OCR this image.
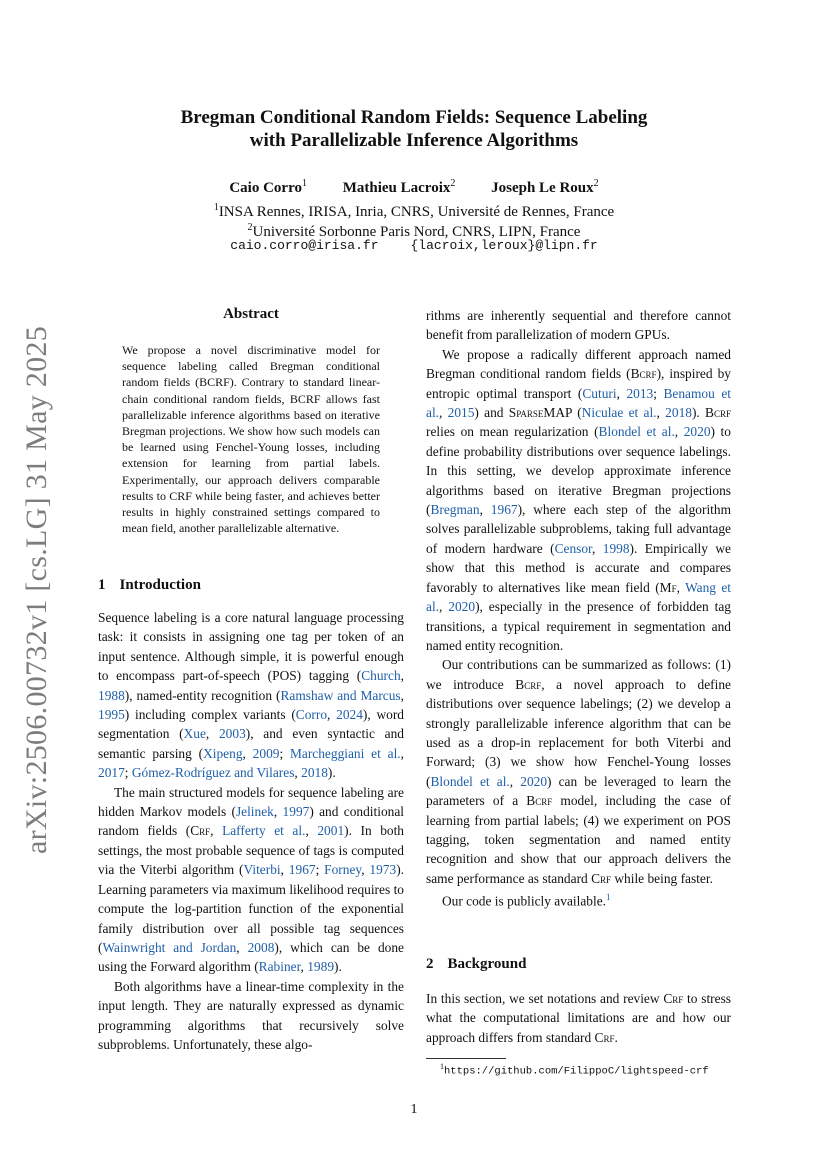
arXiv:2506.00732v1 [cs.LG] 31 May 2025
Bregman Conditional Random Fields: Sequence Labeling
with Parallelizable Inference Algorithms
Caio Corro$^1$ Mathieu Lacroix$^2$ Joseph Le Roux$^2$
$^1$INSA Rennes, IRISA, Inria, CNRS, Université de Rennes, France
$^2$Université Sorbonne Paris Nord, CNRS, LIPN, France
caio.corro@irisa.fr {lacroix,leroux}@lipn.fr
Abstract

We propose a novel discriminative model for sequence labeling called Bregman conditional random fields (BCRF). Contrary to standard linear-chain conditional random fields, BCRF allows fast parallelizable inference algorithms based on iterative Bregman projections. We show how such models can be learned using Fenchel-Young losses, including extension for learning from partial labels. Experimentally, our approach delivers comparable results to CRF while being faster, and achieves better results in highly constrained settings compared to mean field, another parallelizable alternative.

1 Introduction

Sequence labeling is a core natural language processing task: it consists in assigning one tag per token of an input sentence. Although simple, it is powerful enough to encompass part-of-speech (POS) tagging (Church, 1988), named-entity recognition (Ramshaw and Marcus, 1995) including complex variants (Corro, 2024), word segmentation (Xue, 2003), and even syntactic and semantic parsing (Xipeng, 2009; Marcheggiani et al., 2017; Gómez-Rodríguez and Vilares, 2018).

The main structured models for sequence labeling are hidden Markov models (Jelinek, 1997) and conditional random fields (Crf, Lafferty et al., 2001). In both settings, the most probable sequence of tags is computed via the Viterbi algorithm (Viterbi, 1967; Forney, 1973). Learning parameters via maximum likelihood requires to compute the log-partition function of the exponential family distribution over all possible tag sequences (Wainwright and Jordan, 2008), which can be done using the Forward algorithm (Rabiner, 1989).

Both algorithms have a linear-time complexity in the input length. They are naturally expressed as dynamic programming algorithms that recursively solve subproblems. Unfortunately, these algo-

rithms are inherently sequential and therefore cannot benefit from parallelization of modern GPUs.

We propose a radically different approach named Bregman conditional random fields (Bcrf), inspired by entropic optimal transport (Cuturi, 2013; Benamou et al., 2015) and SparseMAP (Niculae et al., 2018). Bcrf relies on mean regularization (Blondel et al., 2020) to define probability distributions over sequence labelings. In this setting, we develop approximate inference algorithms based on iterative Bregman projections (Bregman, 1967), where each step of the algorithm solves parallelizable subproblems, taking full advantage of modern hardware (Censor, 1998). Empirically we show that this method is accurate and compares favorably to alternatives like mean field (Mf, Wang et al., 2020), especially in the presence of forbidden tag transitions, a typical requirement in segmentation and named entity recognition.

Our contributions can be summarized as follows: (1) we introduce Bcrf, a novel approach to define distributions over sequence labelings; (2) we develop a strongly parallelizable inference algorithm that can be used as a drop-in replacement for both Viterbi and Forward; (3) we show how Fenchel-Young losses (Blondel et al., 2020) can be leveraged to learn the parameters of a Bcrf model, including the case of learning from partial labels; (4) we experiment on POS tagging, token segmentation and named entity recognition and show that our approach delivers the same performance as standard Crf while being faster.

Our code is publicly available.$^1$

2 Background

In this section, we set notations and review Crf to stress what the computational limitations are and how our approach differs from standard Crf.

$^1$https://github.com/FilippoC/lightspeed-crf
1
